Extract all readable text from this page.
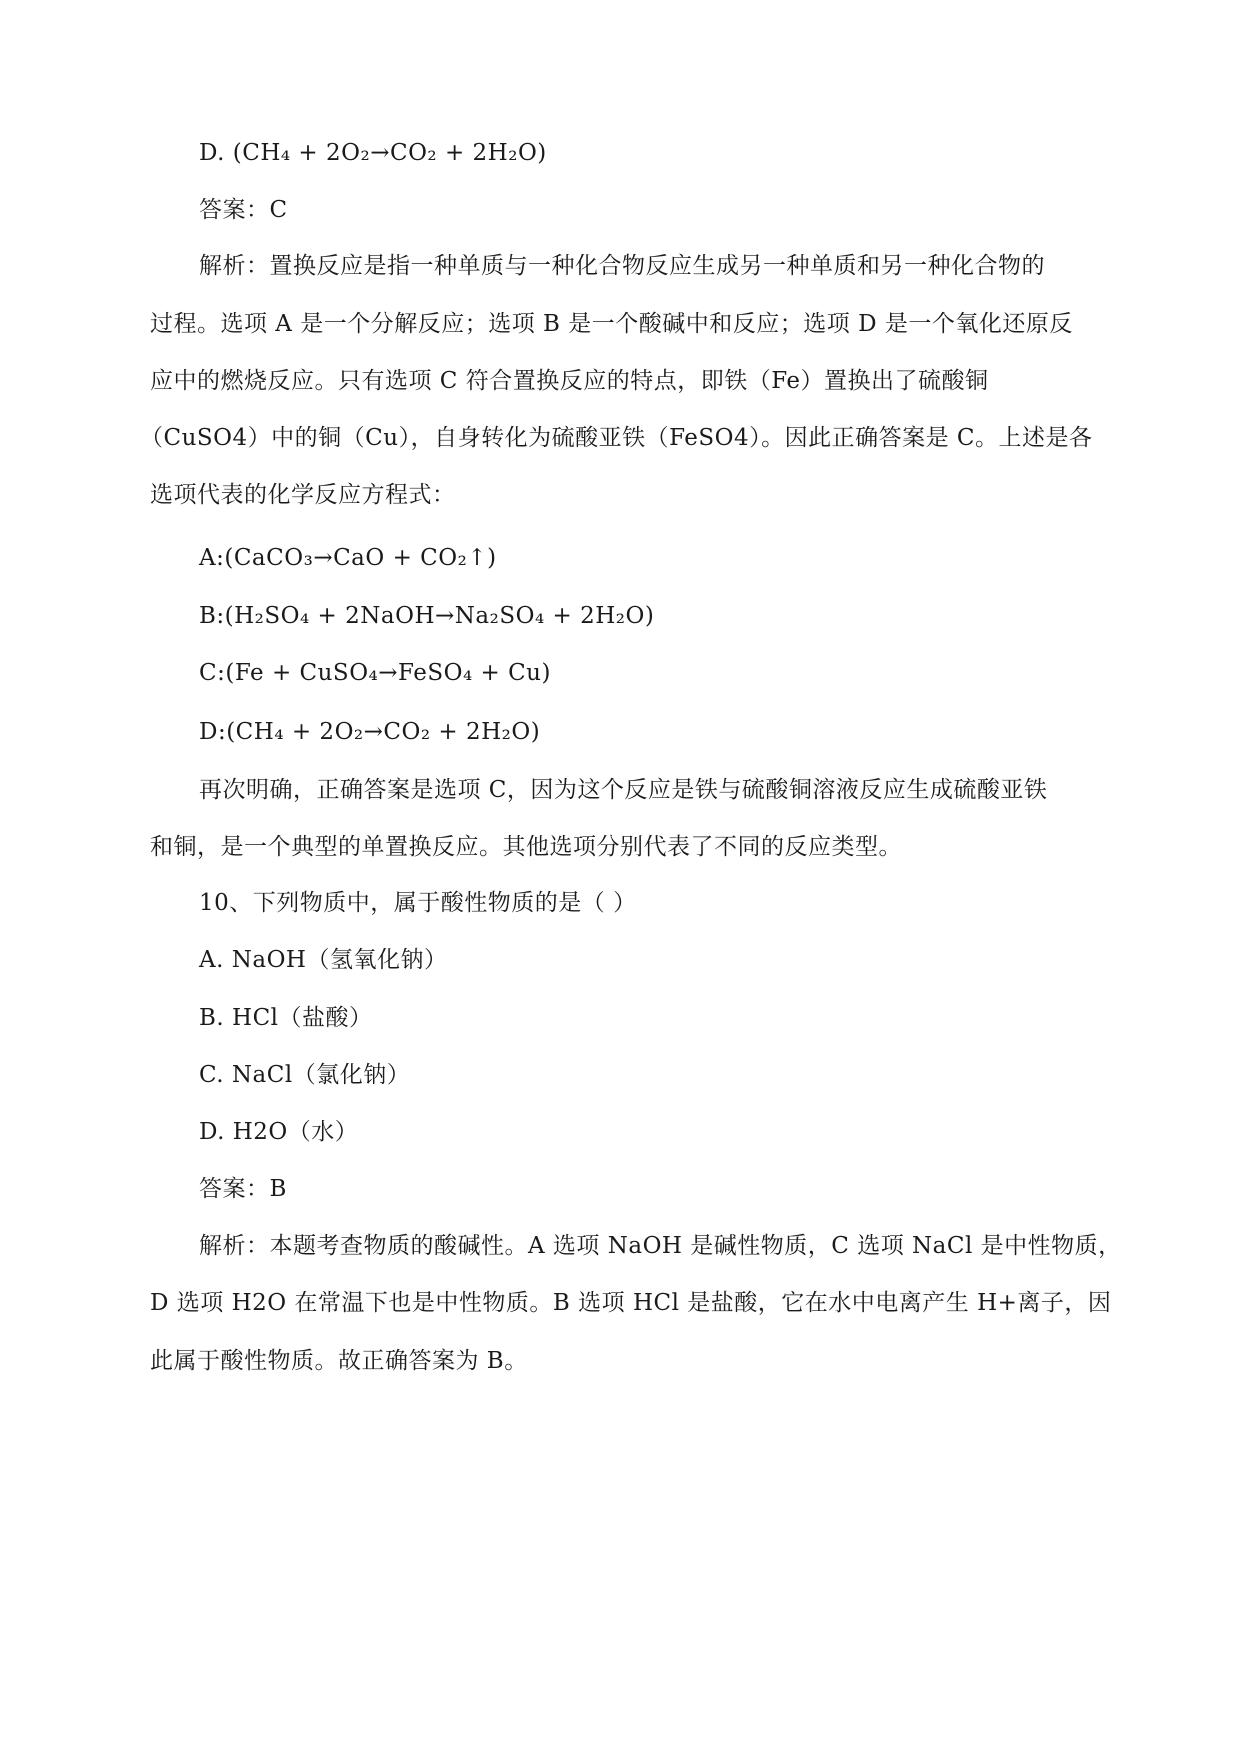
D. (CH₄ + 2O₂→CO₂ + 2H₂O)
答案：C
解析：置换反应是指一种单质与一种化合物反应生成另一种单质和另一种化合物的
过程。选项 A 是一个分解反应；选项 B 是一个酸碱中和反应；选项 D 是一个氧化还原反
应中的燃烧反应。只有选项 C 符合置换反应的特点，即铁（Fe）置换出了硫酸铜
（CuSO4）中的铜（Cu），自身转化为硫酸亚铁（FeSO4）。因此正确答案是 C。上述是各
选项代表的化学反应方程式：
A:(CaCO₃→CaO + CO₂↑)
B:(H₂SO₄ + 2NaOH→Na₂SO₄ + 2H₂O)
C:(Fe + CuSO₄→FeSO₄ + Cu)
D:(CH₄ + 2O₂→CO₂ + 2H₂O)
再次明确，正确答案是选项 C，因为这个反应是铁与硫酸铜溶液反应生成硫酸亚铁
和铜，是一个典型的单置换反应。其他选项分别代表了不同的反应类型。
10、下列物质中，属于酸性物质的是（ ）
A. NaOH（氢氧化钠）
B. HCl（盐酸）
C. NaCl（氯化钠）
D. H2O（水）
答案：B
解析：本题考查物质的酸碱性。A 选项 NaOH 是碱性物质，C 选项 NaCl 是中性物质，
D 选项 H2O 在常温下也是中性物质。B 选项 HCl 是盐酸，它在水中电离产生 H+离子，因
此属于酸性物质。故正确答案为 B。
